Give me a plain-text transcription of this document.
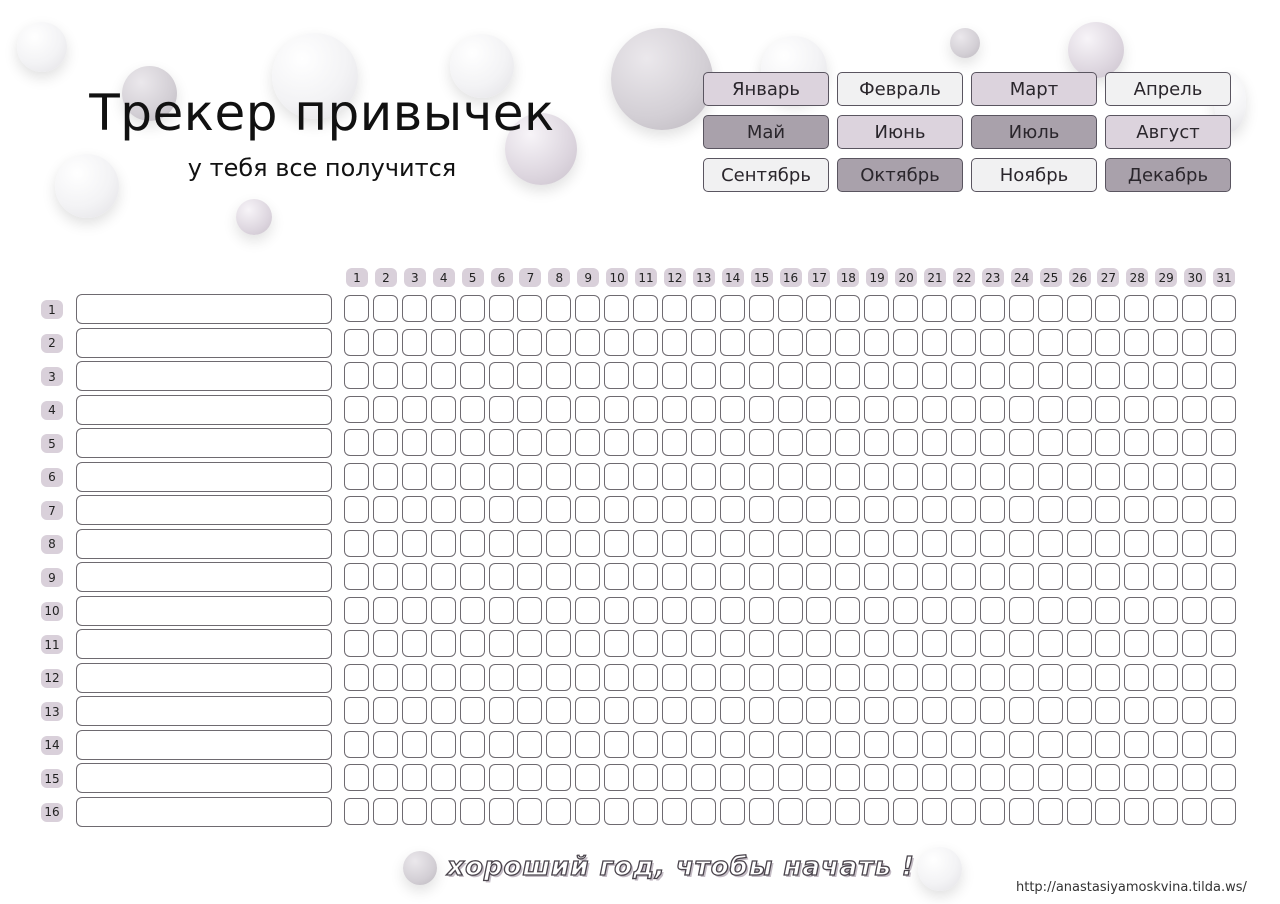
Трекер привычек
у тебя все получится
Январь	Февраль	Март	Апрель
Май	Июнь	Июль	Август
Сентябрь	Октябрь	Ноябрь	Декабрь
1	2	3	4	5	6	7	8	9	10 11 12 13 14 15 16 17 18 19 20 21 22 23 24 25 26 27 28 29 30 31
1
2
3
4
5
6
7
8
9
10
11
12
13
14
15
16
хороший год, чтобы начать !
http://anastasiyamoskvina.tilda.ws/
